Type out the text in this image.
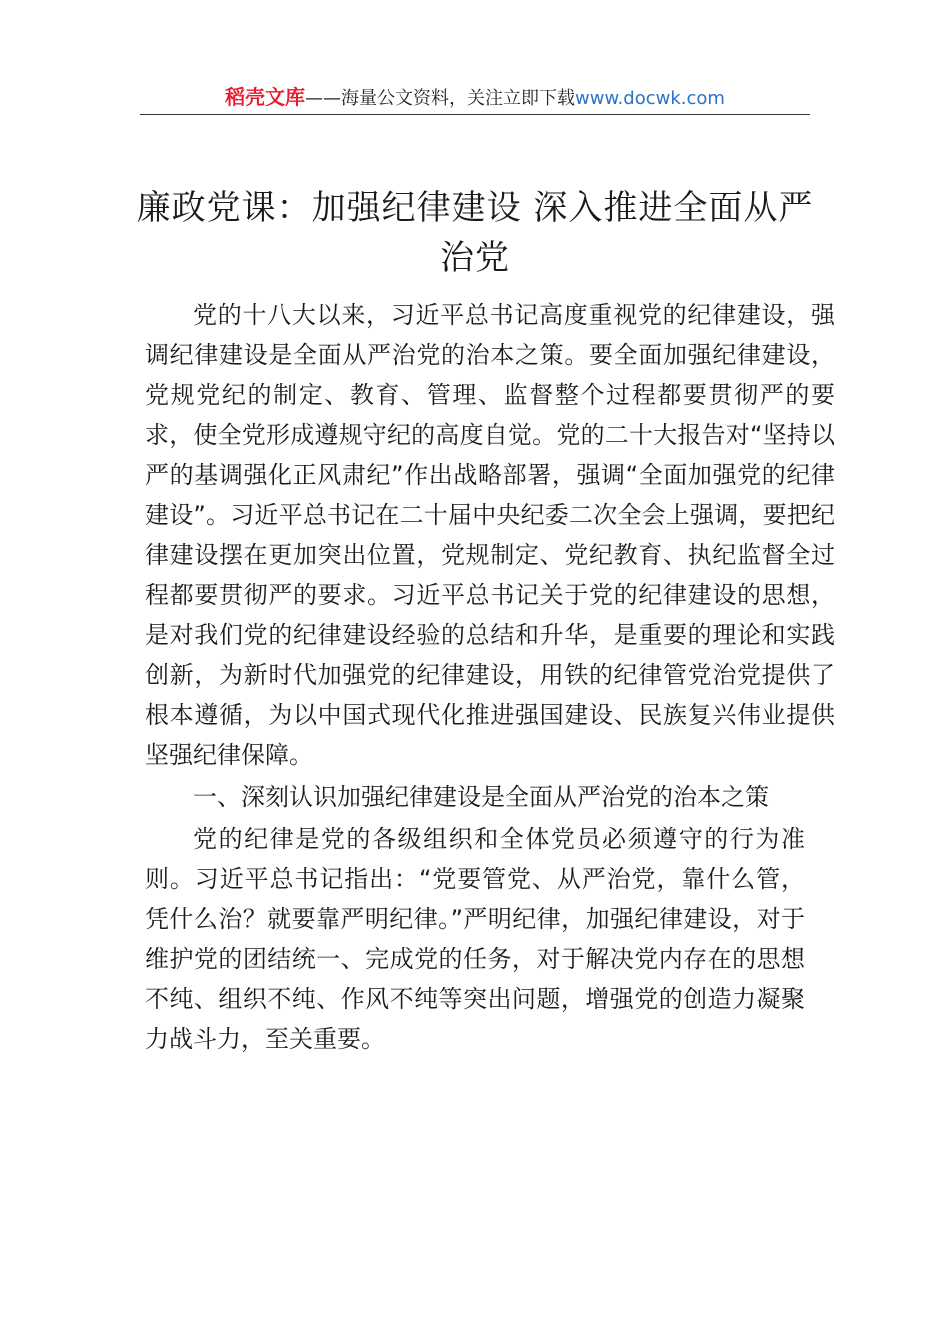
稻壳文库——海量公文资料，关注立即下载www.docwk.com
廉政党课：加强纪律建设 深入推进全面从严治党

党的十八大以来，习近平总书记高度重视党的纪律建设，强调纪律建设是全面从严治党的治本之策。要全面加强纪律建设，党规党纪的制定、教育、管理、监督整个过程都要贯彻严的要求，使全党形成遵规守纪的高度自觉。党的二十大报告对“坚持以严的基调强化正风肃纪”作出战略部署，强调“全面加强党的纪律建设”。习近平总书记在二十届中央纪委二次全会上强调，要把纪律建设摆在更加突出位置，党规制定、党纪教育、执纪监督全过程都要贯彻严的要求。习近平总书记关于党的纪律建设的思想，是对我们党的纪律建设经验的总结和升华，是重要的理论和实践创新，为新时代加强党的纪律建设，用铁的纪律管党治党提供了根本遵循，为以中国式现代化推进强国建设、民族复兴伟业提供坚强纪律保障。

一、深刻认识加强纪律建设是全面从严治党的治本之策

党的纪律是党的各级组织和全体党员必须遵守的行为准则。习近平总书记指出：“党要管党、从严治党，靠什么管，凭什么治？就要靠严明纪律。”严明纪律，加强纪律建设，对于维护党的团结统一、完成党的任务，对于解决党内存在的思想不纯、组织不纯、作风不纯等突出问题，增强党的创造力凝聚力战斗力，至关重要。
